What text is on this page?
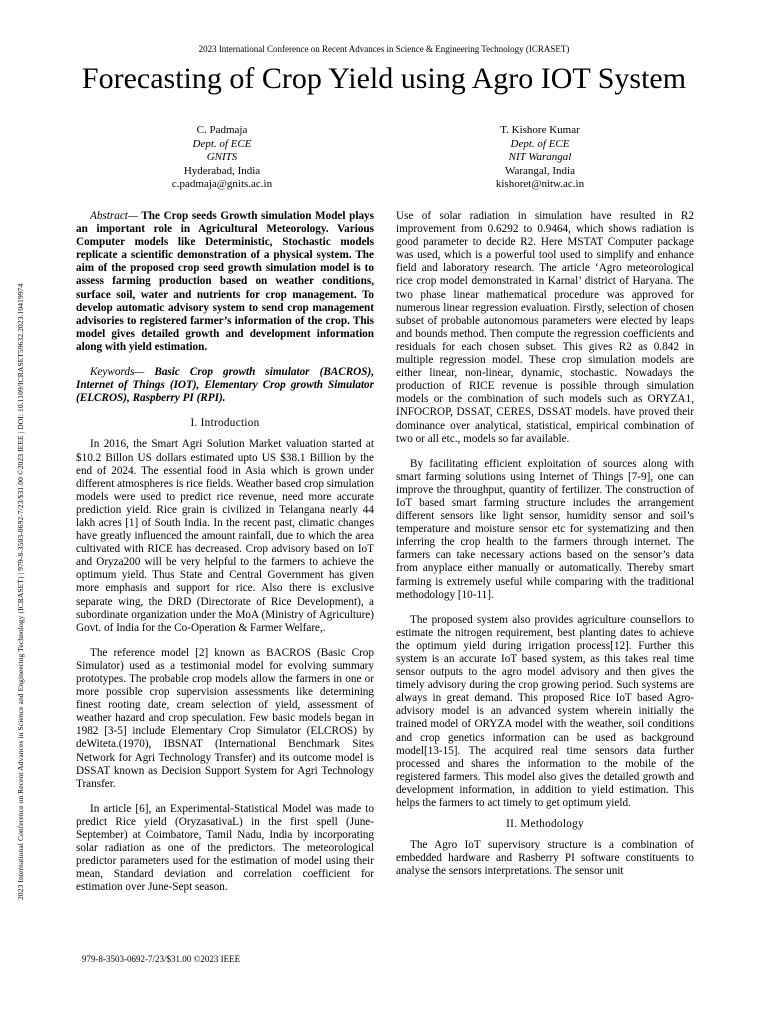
2023 International Conference on Recent Advances in Science & Engineering Technology (ICRASET)
Forecasting of Crop Yield using Agro IOT System
2023 International Conference on Recent Advances in Science and Engineering Technology (ICRASET) | 979-8-3503-0692-7/23/$31.00 ©2023 IEEE | DOI: 10.1109/ICRASET59632.2023.10419974
C. Padmaja
Dept. of ECE
GNITS
Hyderabad, India
c.padmaja@gnits.ac.in
T. Kishore Kumar
Dept. of ECE
NIT Warangal
Warangal, India
kishoret@nitw.ac.in

Abstract— The Crop seeds Growth simulation Model plays an important role in Agricultural Meteorology. Various Computer models like Deterministic, Stochastic models replicate a scientific demonstration of a physical system. The aim of the proposed crop seed growth simulation model is to assess farming production based on weather conditions, surface soil, water and nutrients for crop management. To develop automatic advisory system to send crop management advisories to registered farmer’s information of the crop. This model gives detailed growth and development information along with yield estimation.

Keywords— Basic Crop growth simulator (BACROS), Internet of Things (IOT), Elementary Crop growth Simulator (ELCROS), Raspberry PI (RPI).

I. Introduction

In 2016, the Smart Agri Solution Market valuation started at $10.2 Billon US dollars estimated upto US $38.1 Billion by the end of 2024. The essential food in Asia which is grown under different atmospheres is rice fields. Weather based crop simulation models were used to predict rice revenue, need more accurate prediction yield. Rice grain is civilized in Telangana nearly 44 lakh acres [1] of South India. In the recent past, climatic changes have greatly influenced the amount rainfall, due to which the area cultivated with RICE has decreased. Crop advisory based on IoT and Oryza200 will be very helpful to the farmers to achieve the optimum yield. Thus State and Central Government has given more emphasis and support for rice. Also there is exclusive separate wing, the DRD (Directorate of Rice Development), a subordinate organization under the MoA (Ministry of Agriculture) Govt. of India for the Co-Operation & Farmer Welfare,.

The reference model [2] known as BACROS (Basic Crop Simulator) used as a testimonial model for evolving summary prototypes. The probable crop models allow the farmers in one or more possible crop supervision assessments like determining finest rooting date, cream selection of yield, assessment of weather hazard and crop speculation. Few basic models began in 1982 [3-5] include Elementary Crop Simulator (ELCROS) by deWiteta.(1970), IBSNAT (International Benchmark Sites Network for Agri Technology Transfer) and its outcome model is DSSAT known as Decision Support System for Agri Technology Transfer.

In article [6], an Experimental-Statistical Model was made to predict Rice yield (OryzasativaL) in the first spell (June- September) at Coimbatore, Tamil Nadu, India by incorporating solar radiation as one of the predictors. The meteorological predictor parameters used for the estimation of model using their mean, Standard deviation and correlation coefficient for estimation over June-Sept season.

Use of solar radiation in simulation have resulted in R2 improvement from 0.6292 to 0.9464, which shows radiation is good parameter to decide R2. Here MSTAT Computer package was used, which is a powerful tool used to simplify and enhance field and laboratory research. The article ‘Agro meteorological rice crop model demonstrated in Karnal’ district of Haryana. The two phase linear mathematical procedure was approved for numerous linear regression evaluation. Firstly, selection of chosen subset of probable autonomous parameters were elected by leaps and bounds method. Then compute the regression coefficients and residuals for each chosen subset. This gives R2 as 0.842 in multiple regression model. These crop simulation models are either linear, non-linear, dynamic, stochastic. Nowadays the production of RICE revenue is possible through simulation models or the combination of such models such as ORYZA1, INFOCROP, DSSAT, CERES, DSSAT models. have proved their dominance over analytical, statistical, empirical combination of two or all etc., models so far available.

By facilitating efficient exploitation of sources along with smart farming solutions using Internet of Things [7-9], one can improve the throughput, quantity of fertilizer. The construction of IoT based smart farming structure includes the arrangement different sensors like light sensor, humidity sensor and soil’s temperature and moisture sensor etc for systematizing and then inferring the crop health to the farmers through internet. The farmers can take necessary actions based on the sensor’s data from anyplace either manually or automatically. Thereby smart farming is extremely useful while comparing with the traditional methodology [10-11].

The proposed system also provides agriculture counsellors to estimate the nitrogen requirement, best planting dates to achieve the optimum yield during irrigation process[12]. Further this system is an accurate IoT based system, as this takes real time sensor outputs to the agro model advisory and then gives the timely advisory during the crop growing period. Such systems are always in great demand. This proposed Rice IoT based Agro-advisory model is an advanced system wherein initially the trained model of ORYZA model with the weather, soil conditions and crop genetics information can be used as background model[13-15]. The acquired real time sensors data further processed and shares the information to the mobile of the registered farmers. This model also gives the detailed growth and development information, in addition to yield estimation. This helps the farmers to act timely to get optimum yield.

II. Methodology

The Agro IoT supervisory structure is a combination of embedded hardware and Rasberry PI software constituents to analyse the sensors interpretations. The sensor unit

979-8-3503-0692-7/23/$31.00 ©2023 IEEE
